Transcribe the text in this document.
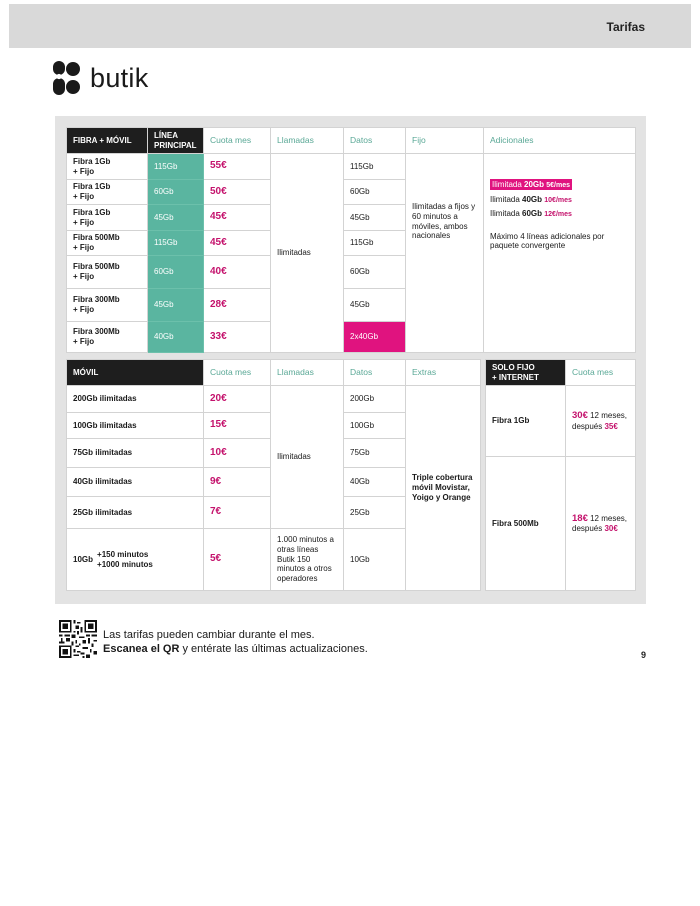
Tarifas
butik
FIBRA + MÓVIL	LÍNEA
PRINCIPAL	Cuota mes	Llamadas	Datos	Fijo	Adicionales
Fibra 1Gb
+ Fijo	115Gb	55€	Ilimitadas	115Gb	Ilimitadas a fijos y 60 minutos a móviles, ambos nacionales	Ilimitada 20Gb 5€/mes
Ilimitada 40Gb 10€/mes
Ilimitada 60Gb 12€/mes
Máximo 4 líneas adicionales por paquete convergente

Fibra 1Gb
+ Fijo	60Gb	50€		60Gb		
Fibra 1Gb
+ Fijo	45Gb	45€		45Gb		
Fibra 500Mb
+ Fijo	115Gb	45€		115Gb		
Fibra 500Mb
+ Fijo	60Gb	40€		60Gb		
Fibra 300Mb
+ Fijo	45Gb	28€		45Gb		
Fibra 300Mb
+ Fijo	40Gb	33€		2x40Gb		
MÓVIL	Cuota mes	Llamadas	Datos	Extras
200Gb ilimitadas	20€	Ilimitadas	200Gb	Triple cobertura móvil Movistar, Yoigo y Orange
100Gb ilimitadas	15€		100Gb	
75Gb ilimitadas	10€		75Gb	
40Gb ilimitadas	9€		40Gb	
25Gb ilimitadas	7€		25Gb	

10Gb
+150 minutos
+1000 minutos	5€	1.000 minutos a otras líneas Butik 150 minutos a otros operadores	10Gb	
SOLO FIJO
+ INTERNET	Cuota mes
Fibra 1Gb	30€ 12 meses, después 35€
Fibra 500Mb	18€ 12 meses, después 30€
Las tarifas pueden cambiar durante el mes.
Escanea el QR y entérate las últimas actualizaciones.	9
